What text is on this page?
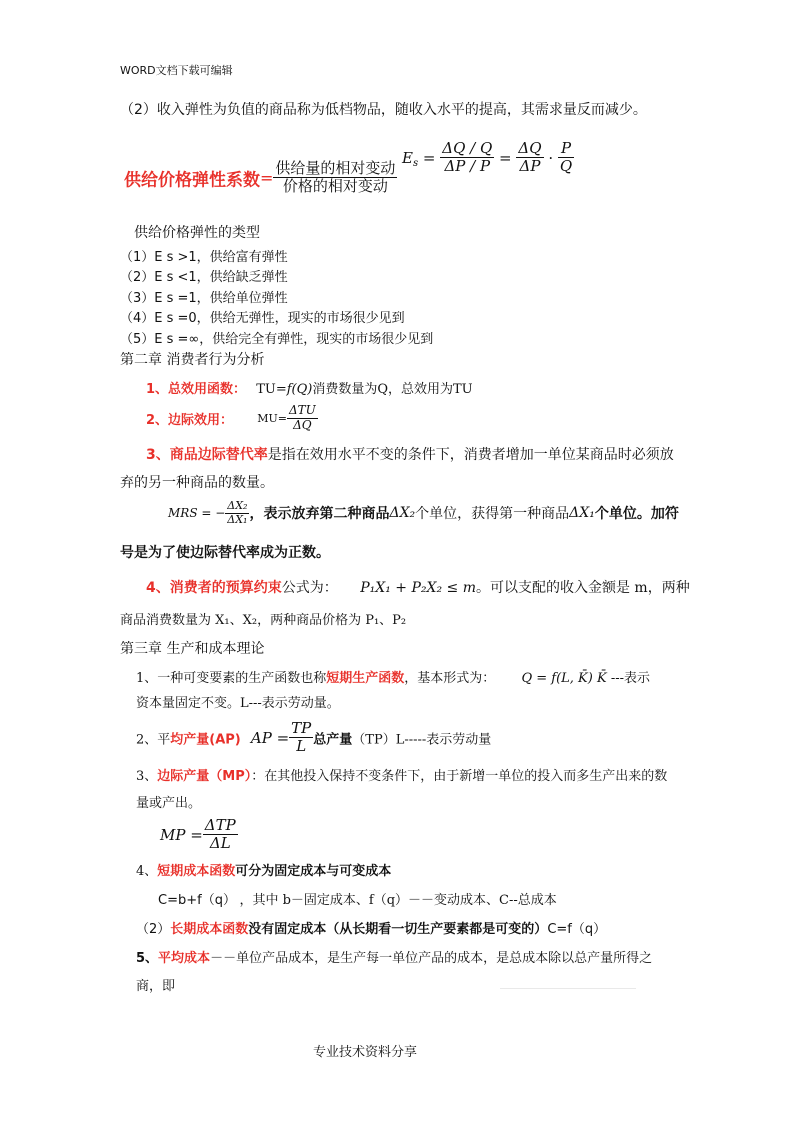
WORD文档下载可编辑
（2）收入弹性为负值的商品称为低档物品，随收入水平的提高，其需求量反而减少。
供给价格弹性系数= $\frac{\text{供给量的相对变动}}{\text{价格的相对变动}}$
$E_s = \frac{\Delta Q / Q}{\Delta P / P} = \frac{\Delta Q}{\Delta P} \cdot \frac{P}{Q}$
供给价格弹性的类型
（1）E s >1，供给富有弹性
（2）E s <1，供给缺乏弹性
（3）E s =1，供给单位弹性
（4）E s =0，供给无弹性，现实的市场很少见到
（5）E s =∞，供给完全有弹性，现实的市场很少见到
第二章 消费者行为分析
1、总效用函数： TU=f(Q)消费数量为Q，总效用为TU
2、边际效用： $MU= \frac{\text{ΔTU}}{\Delta Q}$
3、商品边际替代率是指在效用水平不变的条件下，消费者增加一单位某商品时必须放
弃的另一种商品的数量。
MRS = − $\frac{\text{ΔX₂}}{\text{ΔX₁}}$ ，表示放弃第二种商品ΔX₂个单位，获得第一种商品ΔX₁个单位。加符
号是为了使边际替代率成为正数。
4、消费者的预算约束公式为： P₁X₁ + P₂X₂ ≤ m。可以支配的收入金额是 m，两种
商品消费数量为 X₁、X₂，两种商品价格为 P₁、P₂
第三章 生产和成本理论
1、一种可变要素的生产函数也称短期生产函数，基本形式为： Q = f(L, K̄) K̄ ---表示
资本量固定不变。L---表示劳动量。
2、平均产量(AP) AP = $\frac{TP}{L}$ 总产量（TP）L-----表示劳动量
3、边际产量（MP）：在其他投入保持不变条件下，由于新增一单位的投入而多生产出来的数
量或产出。
MP = $\frac{\text{ΔTP}}{\Delta L}$
4、短期成本函数可分为固定成本与可变成本
C=b+f（q） ，其中 b－固定成本、f（q）－－变动成本、C--总成本
（2）长期成本函数没有固定成本（从长期看一切生产要素都是可变的）C=f（q）
5、平均成本－－单位产品成本，是生产每一单位产品的成本，是总成本除以总产量所得之
商，即
专业技术资料分享
